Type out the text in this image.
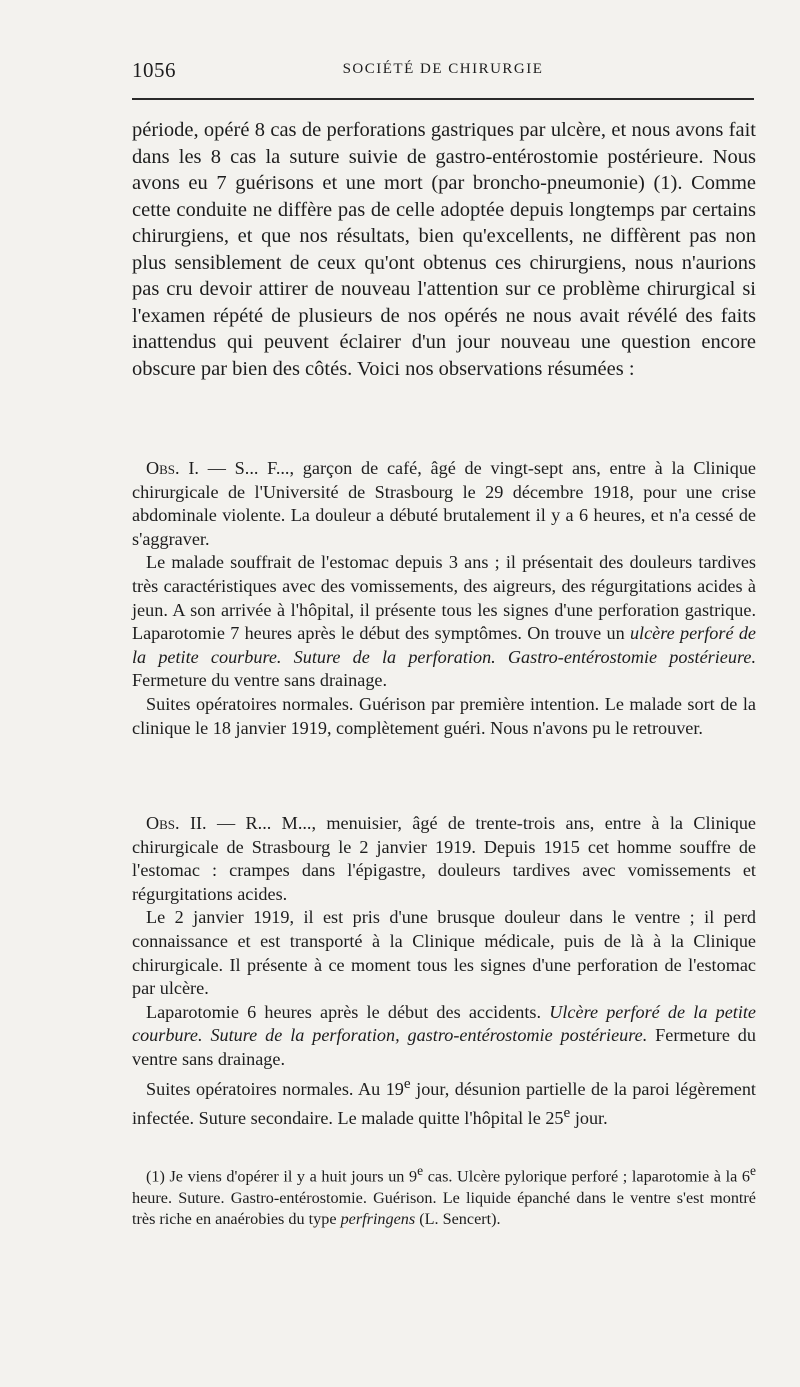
1056	SOCIÉTÉ DE CHIRURGIE

période, opéré 8 cas de perforations gastriques par ulcère, et nous avons fait dans les 8 cas la suture suivie de gastro-entérostomie postérieure. Nous avons eu 7 guérisons et une mort (par broncho-pneumonie) (1). Comme cette conduite ne diffère pas de celle adoptée depuis longtemps par certains chirurgiens, et que nos résultats, bien qu'excellents, ne diffèrent pas non plus sensiblement de ceux qu'ont obtenus ces chirurgiens, nous n'aurions pas cru devoir attirer de nouveau l'attention sur ce problème chirurgical si l'examen répété de plusieurs de nos opérés ne nous avait révélé des faits inattendus qui peuvent éclairer d'un jour nouveau une question encore obscure par bien des côtés. Voici nos observations résumées :

Obs. I. — S... F..., garçon de café, âgé de vingt-sept ans, entre à la Clinique chirurgicale de l'Université de Strasbourg le 29 décembre 1918, pour une crise abdominale violente. La douleur a débuté brutalement il y a 6 heures, et n'a cessé de s'aggraver.

Le malade souffrait de l'estomac depuis 3 ans ; il présentait des douleurs tardives très caractéristiques avec des vomissements, des aigreurs, des régurgitations acides à jeun. A son arrivée à l'hôpital, il présente tous les signes d'une perforation gastrique. Laparotomie 7 heures après le début des symptômes. On trouve un ulcère perforé de la petite courbure. Suture de la perforation. Gastro-entérostomie postérieure. Fermeture du ventre sans drainage.

Suites opératoires normales. Guérison par première intention. Le malade sort de la clinique le 18 janvier 1919, complètement guéri. Nous n'avons pu le retrouver.

Obs. II. — R... M..., menuisier, âgé de trente-trois ans, entre à la Clinique chirurgicale de Strasbourg le 2 janvier 1919. Depuis 1915 cet homme souffre de l'estomac : crampes dans l'épigastre, douleurs tardives avec vomissements et régurgitations acides.

Le 2 janvier 1919, il est pris d'une brusque douleur dans le ventre ; il perd connaissance et est transporté à la Clinique médicale, puis de là à la Clinique chirurgicale. Il présente à ce moment tous les signes d'une perforation de l'estomac par ulcère.

Laparotomie 6 heures après le début des accidents. Ulcère perforé de la petite courbure. Suture de la perforation, gastro-entérostomie postérieure. Fermeture du ventre sans drainage.

Suites opératoires normales. Au 19e jour, désunion partielle de la paroi légèrement infectée. Suture secondaire. Le malade quitte l'hôpital le 25e jour.

(1) Je viens d'opérer il y a huit jours un 9e cas. Ulcère pylorique perforé ; laparotomie à la 6e heure. Suture. Gastro-entérostomie. Guérison. Le liquide épanché dans le ventre s'est montré très riche en anaérobies du type perfringens (L. Sencert).
